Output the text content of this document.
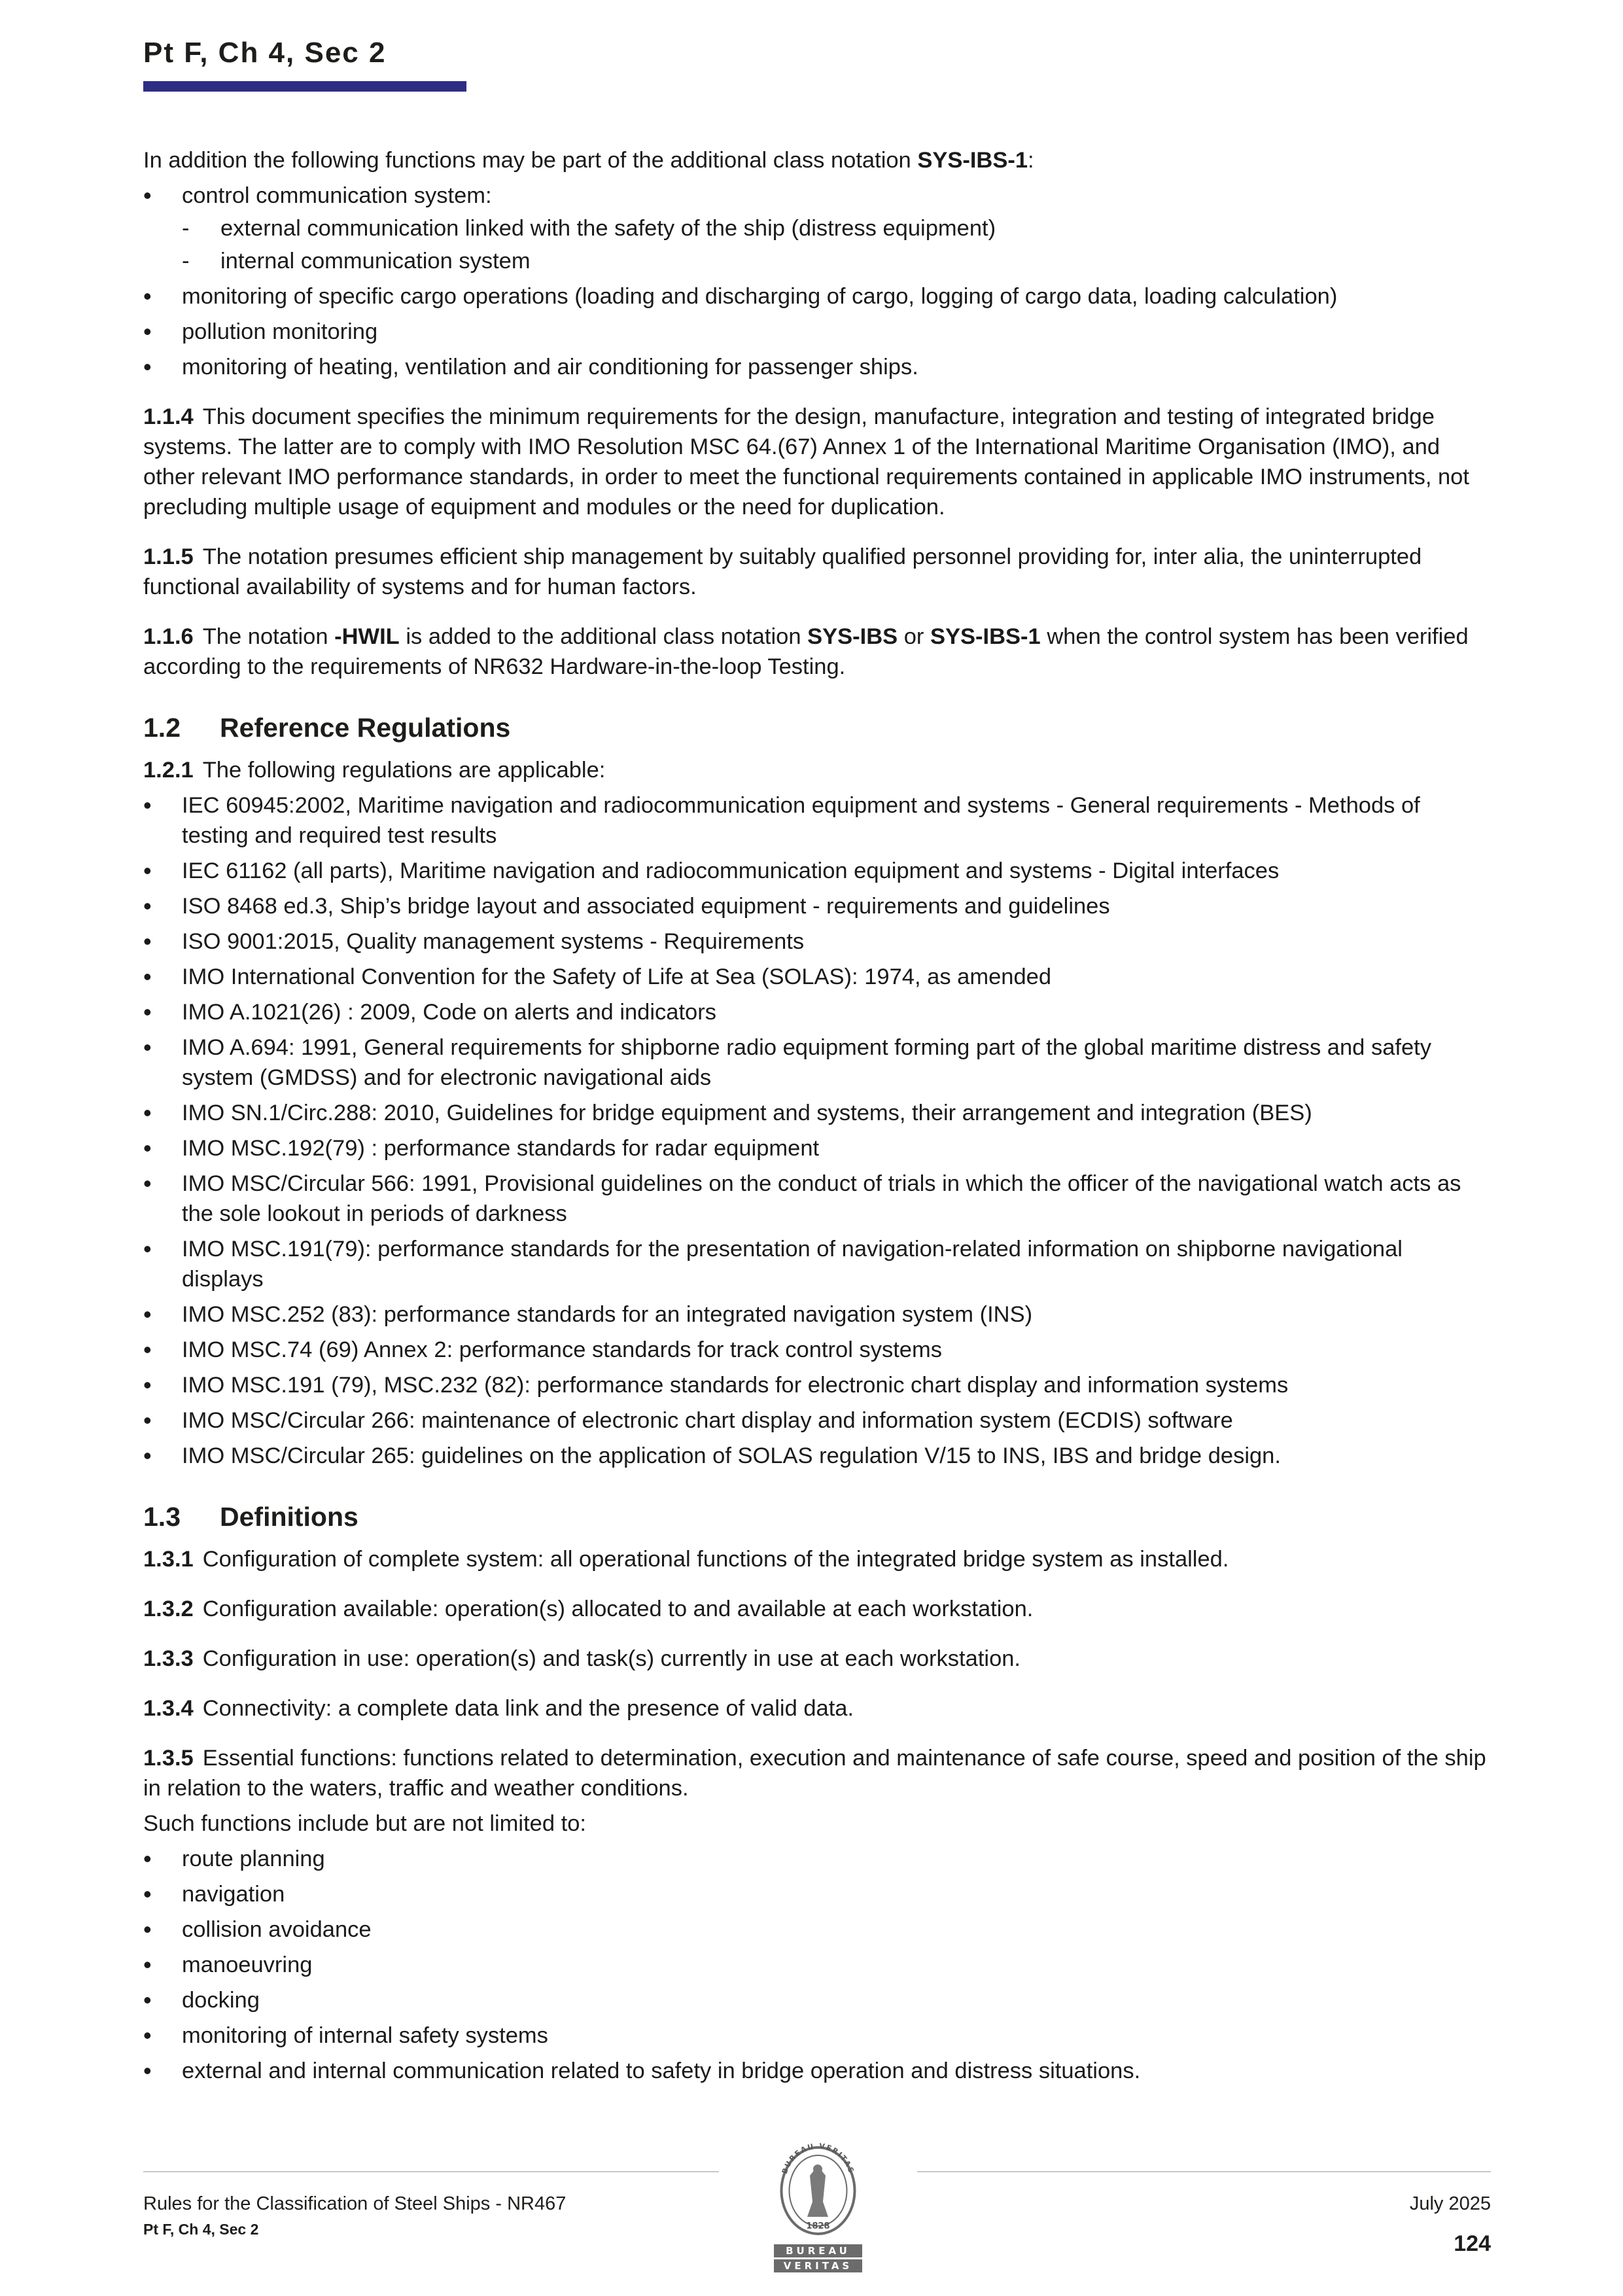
Pt F, Ch 4, Sec 2

In addition the following functions may be part of the additional class notation SYS-IBS-1:

• control communication system:
- external communication linked with the safety of the ship (distress equipment)
- internal communication system
• monitoring of specific cargo operations (loading and discharging of cargo, logging of cargo data, loading calculation)
• pollution monitoring
• monitoring of heating, ventilation and air conditioning for passenger ships.

1.1.4 This document specifies the minimum requirements for the design, manufacture, integration and testing of integrated bridge systems. The latter are to comply with IMO Resolution MSC 64.(67) Annex 1 of the International Maritime Organisation (IMO), and other relevant IMO performance standards, in order to meet the functional requirements contained in applicable IMO instruments, not precluding multiple usage of equipment and modules or the need for duplication.

1.1.5 The notation presumes efficient ship management by suitably qualified personnel providing for, inter alia, the uninterrupted functional availability of systems and for human factors.

1.1.6 The notation -HWIL is added to the additional class notation SYS-IBS or SYS-IBS-1 when the control system has been verified according to the requirements of NR632 Hardware-in-the-loop Testing.

1.2 Reference Regulations

1.2.1 The following regulations are applicable:

• IEC 60945:2002, Maritime navigation and radiocommunication equipment and systems - General requirements - Methods of testing and required test results
• IEC 61162 (all parts), Maritime navigation and radiocommunication equipment and systems - Digital interfaces
• ISO 8468 ed.3, Ship’s bridge layout and associated equipment - requirements and guidelines
• ISO 9001:2015, Quality management systems - Requirements
• IMO International Convention for the Safety of Life at Sea (SOLAS): 1974, as amended
• IMO A.1021(26) : 2009, Code on alerts and indicators
• IMO A.694: 1991, General requirements for shipborne radio equipment forming part of the global maritime distress and safety system (GMDSS) and for electronic navigational aids
• IMO SN.1/Circ.288: 2010, Guidelines for bridge equipment and systems, their arrangement and integration (BES)
• IMO MSC.192(79) : performance standards for radar equipment
• IMO MSC/Circular 566: 1991, Provisional guidelines on the conduct of trials in which the officer of the navigational watch acts as the sole lookout in periods of darkness
• IMO MSC.191(79): performance standards for the presentation of navigation-related information on shipborne navigational displays
• IMO MSC.252 (83): performance standards for an integrated navigation system (INS)
• IMO MSC.74 (69) Annex 2: performance standards for track control systems
• IMO MSC.191 (79), MSC.232 (82): performance standards for electronic chart display and information systems
• IMO MSC/Circular 266: maintenance of electronic chart display and information system (ECDIS) software
• IMO MSC/Circular 265: guidelines on the application of SOLAS regulation V/15 to INS, IBS and bridge design.
1.3 Definitions

1.3.1 Configuration of complete system: all operational functions of the integrated bridge system as installed.

1.3.2 Configuration available: operation(s) allocated to and available at each workstation.

1.3.3 Configuration in use: operation(s) and task(s) currently in use at each workstation.

1.3.4 Connectivity: a complete data link and the presence of valid data.

1.3.5 Essential functions: functions related to determination, execution and maintenance of safe course, speed and position of the ship in relation to the waters, traffic and weather conditions.

Such functions include but are not limited to:

• route planning
• navigation
• collision avoidance
• manoeuvring
• docking
• monitoring of internal safety systems
• external and internal communication related to safety in bridge operation and distress situations.
Rules for the Classification of Steel Ships - NR467
Pt F, Ch 4, Sec 2
July 2025
124
BUREAU VERITAS
1828
BUREAU
VERITAS
